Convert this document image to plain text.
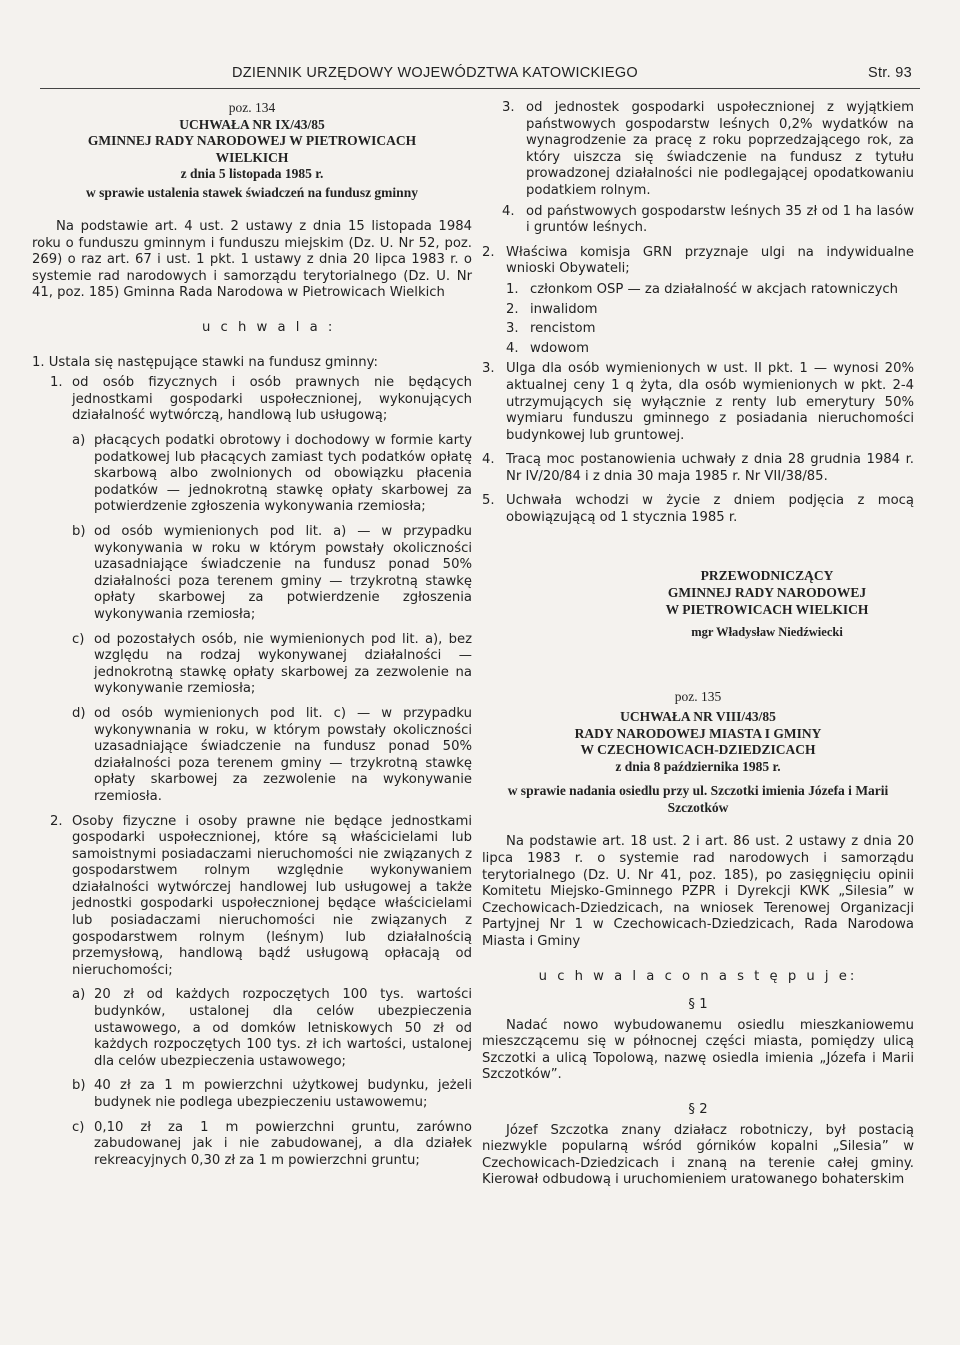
DZIENNIK URZĘDOWY WOJEWÓDZTWA KATOWICKIEGO	Str. 93

poz. 134

UCHWAŁA NR IX/43/85

GMINNEJ RADY NARODOWEJ W PIETROWICACH WIELKICH

z dnia 5 listopada 1985 r.

w sprawie ustalenia stawek świadczeń na fundusz gminny

Na podstawie art. 4 ust. 2 ustawy z dnia 15 listopada 1984 roku o funduszu gminnym i funduszu miejskim (Dz. U. Nr 52, poz. 269) o raz art. 67 i ust. 1 pkt. 1 ustawy z dnia 20 lipca 1983 r. o systemie rad narodowych i samorządu terytorialnego (Dz. U. Nr 41, poz. 185) Gminna Rada Narodowa w Pietrowicach Wielkich

u c h w a l a :

1. Ustala się następujące stawki na fundusz gminny:

1. od osób fizycznych i osób prawnych nie będących jednostkami gospodarki uspołecznionej, wykonujących działalność wytwórczą, handlową lub usługową;
a) płacących podatki obrotowy i dochodowy w formie karty podatkowej lub płacących zamiast tych podatków opłatę skarbową albo zwolnionych od obowiązku płacenia podatków — jednokrotną stawkę opłaty skarbowej za potwierdzenie zgłoszenia wykonywania rzemiosła;
b) od osób wymienionych pod lit. a) — w przypadku wykonywania w roku w którym powstały okoliczności uzasadniające świadczenie na fundusz ponad 50% działalności poza terenem gminy — trzykrotną stawkę opłaty skarbowej za potwierdzenie zgłoszenia wykonywania rzemiosła;
c) od pozostałych osób, nie wymienionych pod lit. a), bez względu na rodzaj wykonywanej działalności — jednokrotną stawkę opłaty skarbowej za zezwolenie na wykonywanie rzemiosła;
d) od osób wymienionych pod lit. c) — w przypadku wykonywnania w roku, w którym powstały okoliczności uzasadniające świadczenie na fundusz ponad 50% działalności poza terenem gminy — trzykrotną stawkę opłaty skarbowej za zezwolenie na wykonywanie rzemiosła.
2. Osoby fizyczne i osoby prawne nie będące jednostkami gospodarki uspołecznionej, które są właścicielami lub samoistnymi posiadaczami nieruchomości nie związanych z gospodarstwem rolnym względnie wykonywaniem działalności wytwórczej handlowej lub usługowej a także jednostki gospodarki uspołecznionej będące właścicielami lub posiadaczami nieruchomości nie związanych z gospodarstwem rolnym (leśnym) lub działalnością przemysłową, handlową bądź usługową opłacają od nieruchomości;
a) 20 zł od każdych rozpoczętych 100 tys. wartości budynków, ustalonej dla celów ubezpieczenia ustawowego, a od domków letniskowych 50 zł od każdych rozpoczętych 100 tys. zł ich wartości, ustalonej dla celów ubezpieczenia ustawowego;
b) 40 zł za 1 m powierzchni użytkowej budynku, jeżeli budynek nie podlega ubezpieczeniu ustawowemu;
c) 0,10 zł za 1 m powierzchni gruntu, zarówno zabudowanej jak i nie zabudowanej, a dla działek rekreacyjnych 0,30 zł za 1 m powierzchni gruntu;
3. od jednostek gospodarki uspołecznionej z wyjątkiem państwowych gospodarstw leśnych 0,2% wydatków na wynagrodzenie za pracę z roku poprzedzającego rok, za który uiszcza się świadczenie na fundusz z tytułu prowadzonej działalności nie podlegającej opodatkowaniu podatkiem rolnym.
4. od państwowych gospodarstw leśnych 35 zł od 1 ha lasów i gruntów leśnych.
2. Właściwa komisja GRN przyznaje ulgi na indywidualne wnioski Obywateli;
1. członkom OSP — za działalność w akcjach ratowniczych
2. inwalidom
3. rencistom
4. wdowom
3. Ulga dla osób wymienionych w ust. II pkt. 1 — wynosi 20% aktualnej ceny 1 q żyta, dla osób wymienionych w pkt. 2-4 utrzymujących się wyłącznie z renty lub emerytury 50% wymiaru funduszu gminnego z posiadania nieruchomości budynkowej lub gruntowej.
4. Tracą moc postanowienia uchwały z dnia 28 grudnia 1984 r. Nr IV/20/84 i z dnia 30 maja 1985 r. Nr VII/38/85.
5. Uchwała wchodzi w życie z dniem podjęcia z mocą obowiązującą od 1 stycznia 1985 r.

PRZEWODNICZĄCY

GMINNEJ RADY NARODOWEJ

W PIETROWICACH WIELKICH

mgr Władysław Niedźwiecki

poz. 135

UCHWAŁA NR VIII/43/85

RADY NARODOWEJ MIASTA I GMINY

W CZECHOWICACH-DZIEDZICACH

z dnia 8 października 1985 r.

w sprawie nadania osiedlu przy ul. Szczotki imienia Józefa i Marii Szczotków

Na podstawie art. 18 ust. 2 i art. 86 ust. 2 ustawy z dnia 20 lipca 1983 r. o systemie rad narodowych i samorządu terytorialnego (Dz. U. Nr 41, poz. 185), po zasięgnięciu opinii Komitetu Miejsko-Gminnego PZPR i Dyrekcji KWK „Silesia” w Czechowicach-Dziedzicach, na wniosek Terenowej Organizacji Partyjnej Nr 1 w Czechowicach-Dziedzicach, Rada Narodowa Miasta i Gminy

u c h w a l a c o n a s t ę p u j e:

§ 1

Nadać nowo wybudowanemu osiedlu mieszkaniowemu mieszczącemu się w północnej części miasta, pomiędzy ulicą Szczotki a ulicą Topolową, nazwę osiedla imienia „Józefa i Marii Szczotków”.

§ 2

Józef Szczotka znany działacz robotniczy, był postacią niezwykle popularną wśród górników kopalni „Silesia” w Czechowicach-Dziedzicach i znaną na terenie całej gminy. Kierował odbudową i uruchomieniem uratowanego bohaterskim
